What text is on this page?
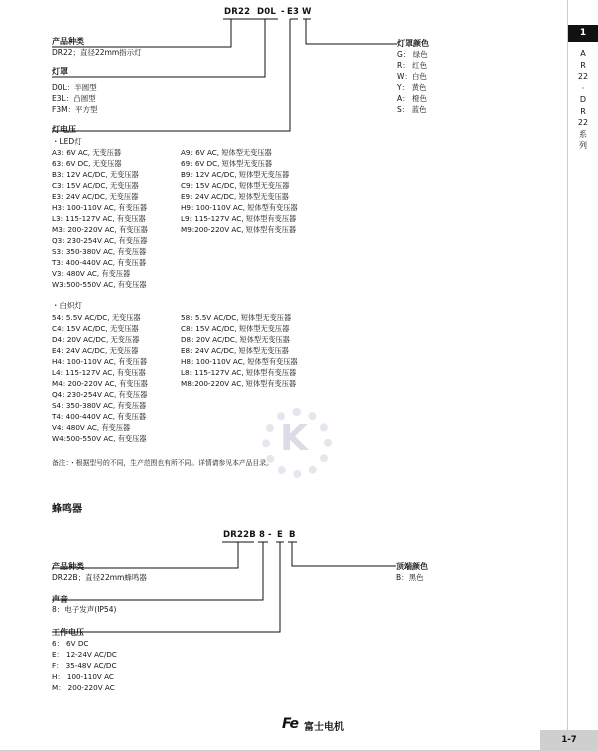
K
DR22 D0L - E3 W
产品种类
DR22；直径22mm指示灯
灯罩
D0L：半圆型
E3L：凸圆型
F3M：平方型
灯罩颜色
G： 绿色
R： 红色
W：白色
Y： 黄色
A： 橙色
S： 蓝色
灯电压
・LED灯
A3: 6V AC, 无变压器
63: 6V DC, 无变压器
B3: 12V AC/DC, 无变压器
C3: 15V AC/DC, 无变压器
E3: 24V AC/DC, 无变压器
H3: 100-110V AC, 有变压器
L3: 115-127V AC, 有变压器
M3: 200-220V AC, 有变压器
Q3: 230-254V AC, 有变压器
S3: 350-380V AC, 有变压器
T3: 400-440V AC, 有变压器
V3: 480V AC, 有变压器
W3:500-550V AC, 有变压器
A9: 6V AC, 短体型无变压器
69: 6V DC, 短体型无变压器
B9: 12V AC/DC, 短体型无变压器
C9: 15V AC/DC, 短体型无变压器
E9: 24V AC/DC, 短体型无变压器
H9: 100-110V AC, 短体型有变压器
L9: 115-127V AC, 短体型有变压器
M9:200-220V AC, 短体型有变压器
・白炽灯
54: 5.5V AC/DC, 无变压器
C4: 15V AC/DC, 无变压器
D4: 20V AC/DC, 无变压器
E4: 24V AC/DC, 无变压器
H4: 100-110V AC, 有变压器
L4: 115-127V AC, 有变压器
M4: 200-220V AC, 有变压器
Q4: 230-254V AC, 有变压器
S4: 350-380V AC, 有变压器
T4: 400-440V AC, 有变压器
V4: 480V AC, 有变压器
W4:500-550V AC, 有变压器
58: 5.5V AC/DC, 短体型无变压器
C8: 15V AC/DC, 短体型无变压器
D8: 20V AC/DC, 短体型无变压器
E8: 24V AC/DC, 短体型无变压器
H8: 100-110V AC, 短体型有变压器
L8: 115-127V AC, 短体型有变压器
M8:200-220V AC, 短体型有变压器
备注：・根据型号的不同，生产范围也有所不同。详情请参见本产品目录。
蜂鸣器
DR22B 8 - E B
产品种类
DR22B；直径22mm蜂鸣器
声音
8：电子发声(IP54)
顶端颜色
B：黑色
工作电压
6： 6V DC
E： 12-24V AC/DC
F： 35-48V AC/DC
H： 100-110V AC
M： 200-220V AC
1
A
R
22
·
D
R
22
系
列
Fe 富士电机
1-7
